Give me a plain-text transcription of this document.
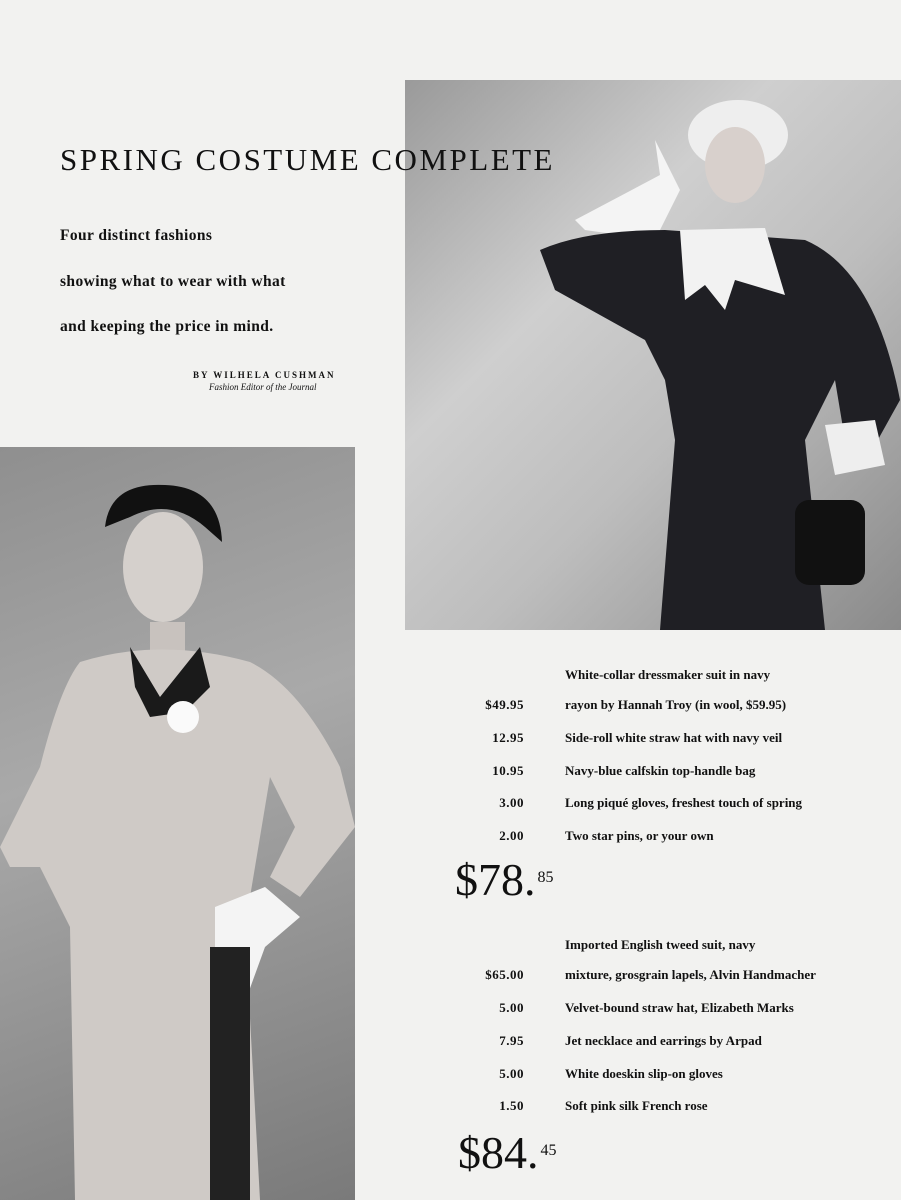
SPRING COSTUME COMPLETE
Four distinct fashions
showing what to wear with what
and keeping the price in mind.
BY WILHELA CUSHMAN
Fashion Editor of the Journal
White-collar dressmaker suit in navy
$49.95	rayon by Hannah Troy (in wool, $59.95)
12.95	Side-roll white straw hat with navy veil
10.95	Navy-blue calfskin top-handle bag
3.00	Long piqué gloves, freshest touch of spring
2.00	Two star pins, or your own
$78. $^{85}$
Imported English tweed suit, navy
$65.00	mixture, grosgrain lapels, Alvin Handmacher
5.00	Velvet-bound straw hat, Elizabeth Marks
7.95	Jet necklace and earrings by Arpad
5.00	White doeskin slip-on gloves
1.50	Soft pink silk French rose
$84. $^{45}$
